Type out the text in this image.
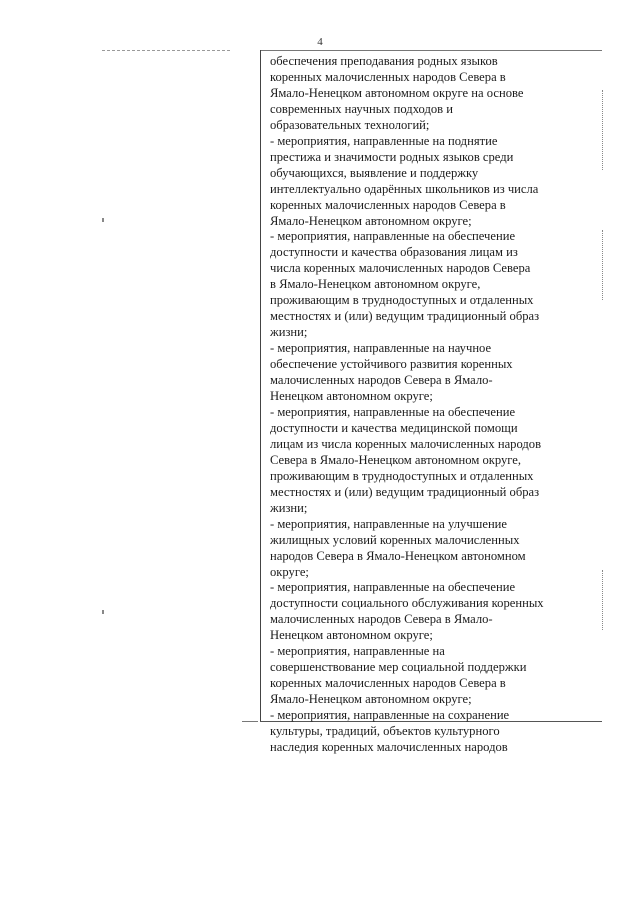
4
обеспечения преподавания родных языков
коренных малочисленных народов Севера в
Ямало-Ненецком автономном округе на основе
современных научных подходов и
образовательных технологий;
- мероприятия, направленные на поднятие
престижа и значимости родных языков среди
обучающихся, выявление и поддержку
интеллектуально одарённых школьников из числа
коренных малочисленных народов Севера в
Ямало-Ненецком автономном округе;
- мероприятия, направленные на обеспечение
доступности и качества образования лицам из
числа коренных малочисленных народов Севера
в Ямало-Ненецком автономном округе,
проживающим в труднодоступных и отдаленных
местностях и (или) ведущим традиционный образ
жизни;
- мероприятия, направленные на научное
обеспечение устойчивого развития коренных
малочисленных народов Севера в Ямало-
Ненецком автономном округе;
- мероприятия, направленные на обеспечение
доступности и качества медицинской помощи
лицам из числа коренных малочисленных народов
Севера в Ямало-Ненецком автономном округе,
проживающим в труднодоступных и отдаленных
местностях и (или) ведущим традиционный образ
жизни;
- мероприятия, направленные на улучшение
жилищных условий коренных малочисленных
народов Севера в Ямало-Ненецком автономном
округе;
- мероприятия, направленные на обеспечение
доступности социального обслуживания коренных
малочисленных народов Севера в Ямало-
Ненецком автономном округе;
- мероприятия, направленные на
совершенствование мер социальной поддержки
коренных малочисленных народов Севера в
Ямало-Ненецком автономном округе;
- мероприятия, направленные на сохранение
культуры, традиций, объектов культурного
наследия коренных малочисленных народов
